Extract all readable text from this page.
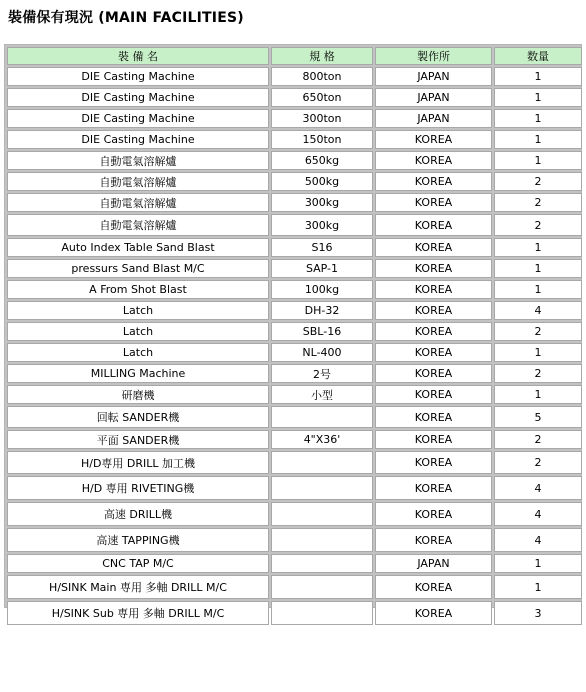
裝備保有現況 (MAIN FACILITIES)
裝 備 名	規 格	製作所	数量
DIE Casting Machine	800ton	JAPAN	1
DIE Casting Machine	650ton	JAPAN	1
DIE Casting Machine	300ton	JAPAN	1
DIE Casting Machine	150ton	KOREA	1
自動電氣溶解爐	650kg	KOREA	1
自動電氣溶解爐	500kg	KOREA	2
自動電氣溶解爐	300kg	KOREA	2
自動電氣溶解爐	300kg	KOREA	2
Auto Index Table Sand Blast	S16	KOREA	1
pressurs Sand Blast M/C	SAP-1	KOREA	1
A From Shot Blast	100kg	KOREA	1
Latch	DH-32	KOREA	4
Latch	SBL-16	KOREA	2
Latch	NL-400	KOREA	1
MILLING Machine	2号	KOREA	2
研磨機	小型	KOREA	1
回転 SANDER機		KOREA	5
平面 SANDER機	4"X36'	KOREA	2
H/D専用 DRILL 加工機		KOREA	2
H/D 専用 RIVETING機		KOREA	4
高速 DRILL機		KOREA	4
高速 TAPPING機		KOREA	4
CNC TAP M/C		JAPAN	1
H/SINK Main 専用 多軸 DRILL M/C		KOREA	1
H/SINK Sub 専用 多軸 DRILL M/C		KOREA	3
